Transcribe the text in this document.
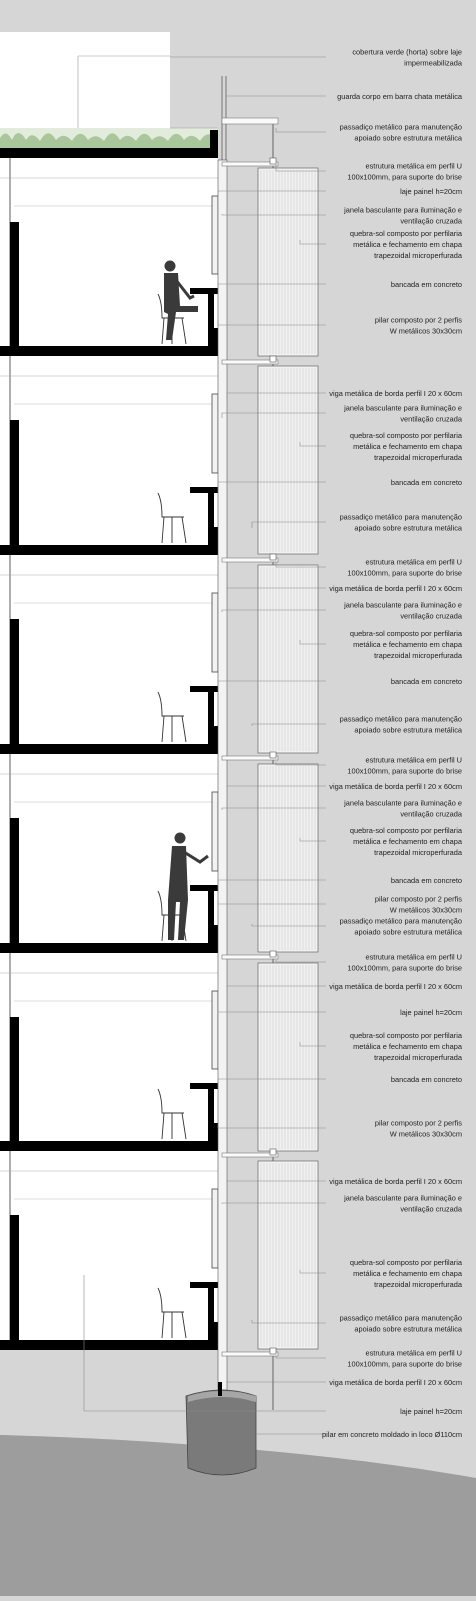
cobertura verde (horta) sobre laje impermeabilizada
guarda corpo em barra chata metálica
passadiço metálico para manutenção apoiado sobre estrutura metálica
estrutura metálica em perfil U 100x100mm, para suporte do brise
laje painel h=20cm
janela basculante para iluminação e ventilação cruzada
quebra-sol composto por perfilaria metálica e fechamento em chapa trapezoidal microperfurada
bancada em concreto
pilar composto por 2 perfis W metálicos 30x30cm
viga metálica de borda perfil I 20 x 60cm
janela basculante para iluminação e ventilação cruzada
quebra-sol composto por perfilaria metálica e fechamento em chapa trapezoidal microperfurada
bancada em concreto
passadiço metálico para manutenção apoiado sobre estrutura metálica
estrutura metálica em perfil U 100x100mm, para suporte do brise
viga metálica de borda perfil I 20 x 60cm
janela basculante para iluminação e ventilação cruzada
quebra-sol composto por perfilaria metálica e fechamento em chapa trapezoidal microperfurada
bancada em concreto
passadiço metálico para manutenção apoiado sobre estrutura metálica
estrutura metálica em perfil U 100x100mm, para suporte do brise
viga metálica de borda perfil I 20 x 60cm
janela basculante para iluminação e ventilação cruzada
quebra-sol composto por perfilaria metálica e fechamento em chapa trapezoidal microperfurada
bancada em concreto
pilar composto por 2 perfis W metálicos 30x30cm
passadiço metálico para manutenção apoiado sobre estrutura metálica
estrutura metálica em perfil U 100x100mm, para suporte do brise
viga metálica de borda perfil I 20 x 60cm
laje painel h=20cm
quebra-sol composto por perfilaria metálica e fechamento em chapa trapezoidal microperfurada
bancada em concreto
pilar composto por 2 perfis W metálicos 30x30cm
viga metálica de borda perfil I 20 x 60cm
janela basculante para iluminação e ventilação cruzada
quebra-sol composto por perfilaria metálica e fechamento em chapa trapezoidal microperfurada
passadiço metálico para manutenção apoiado sobre estrutura metálica
estrutura metálica em perfil U 100x100mm, para suporte do brise
viga metálica de borda perfil I 20 x 60cm
laje painel h=20cm
pilar em concreto moldado in loco Ø110cm
